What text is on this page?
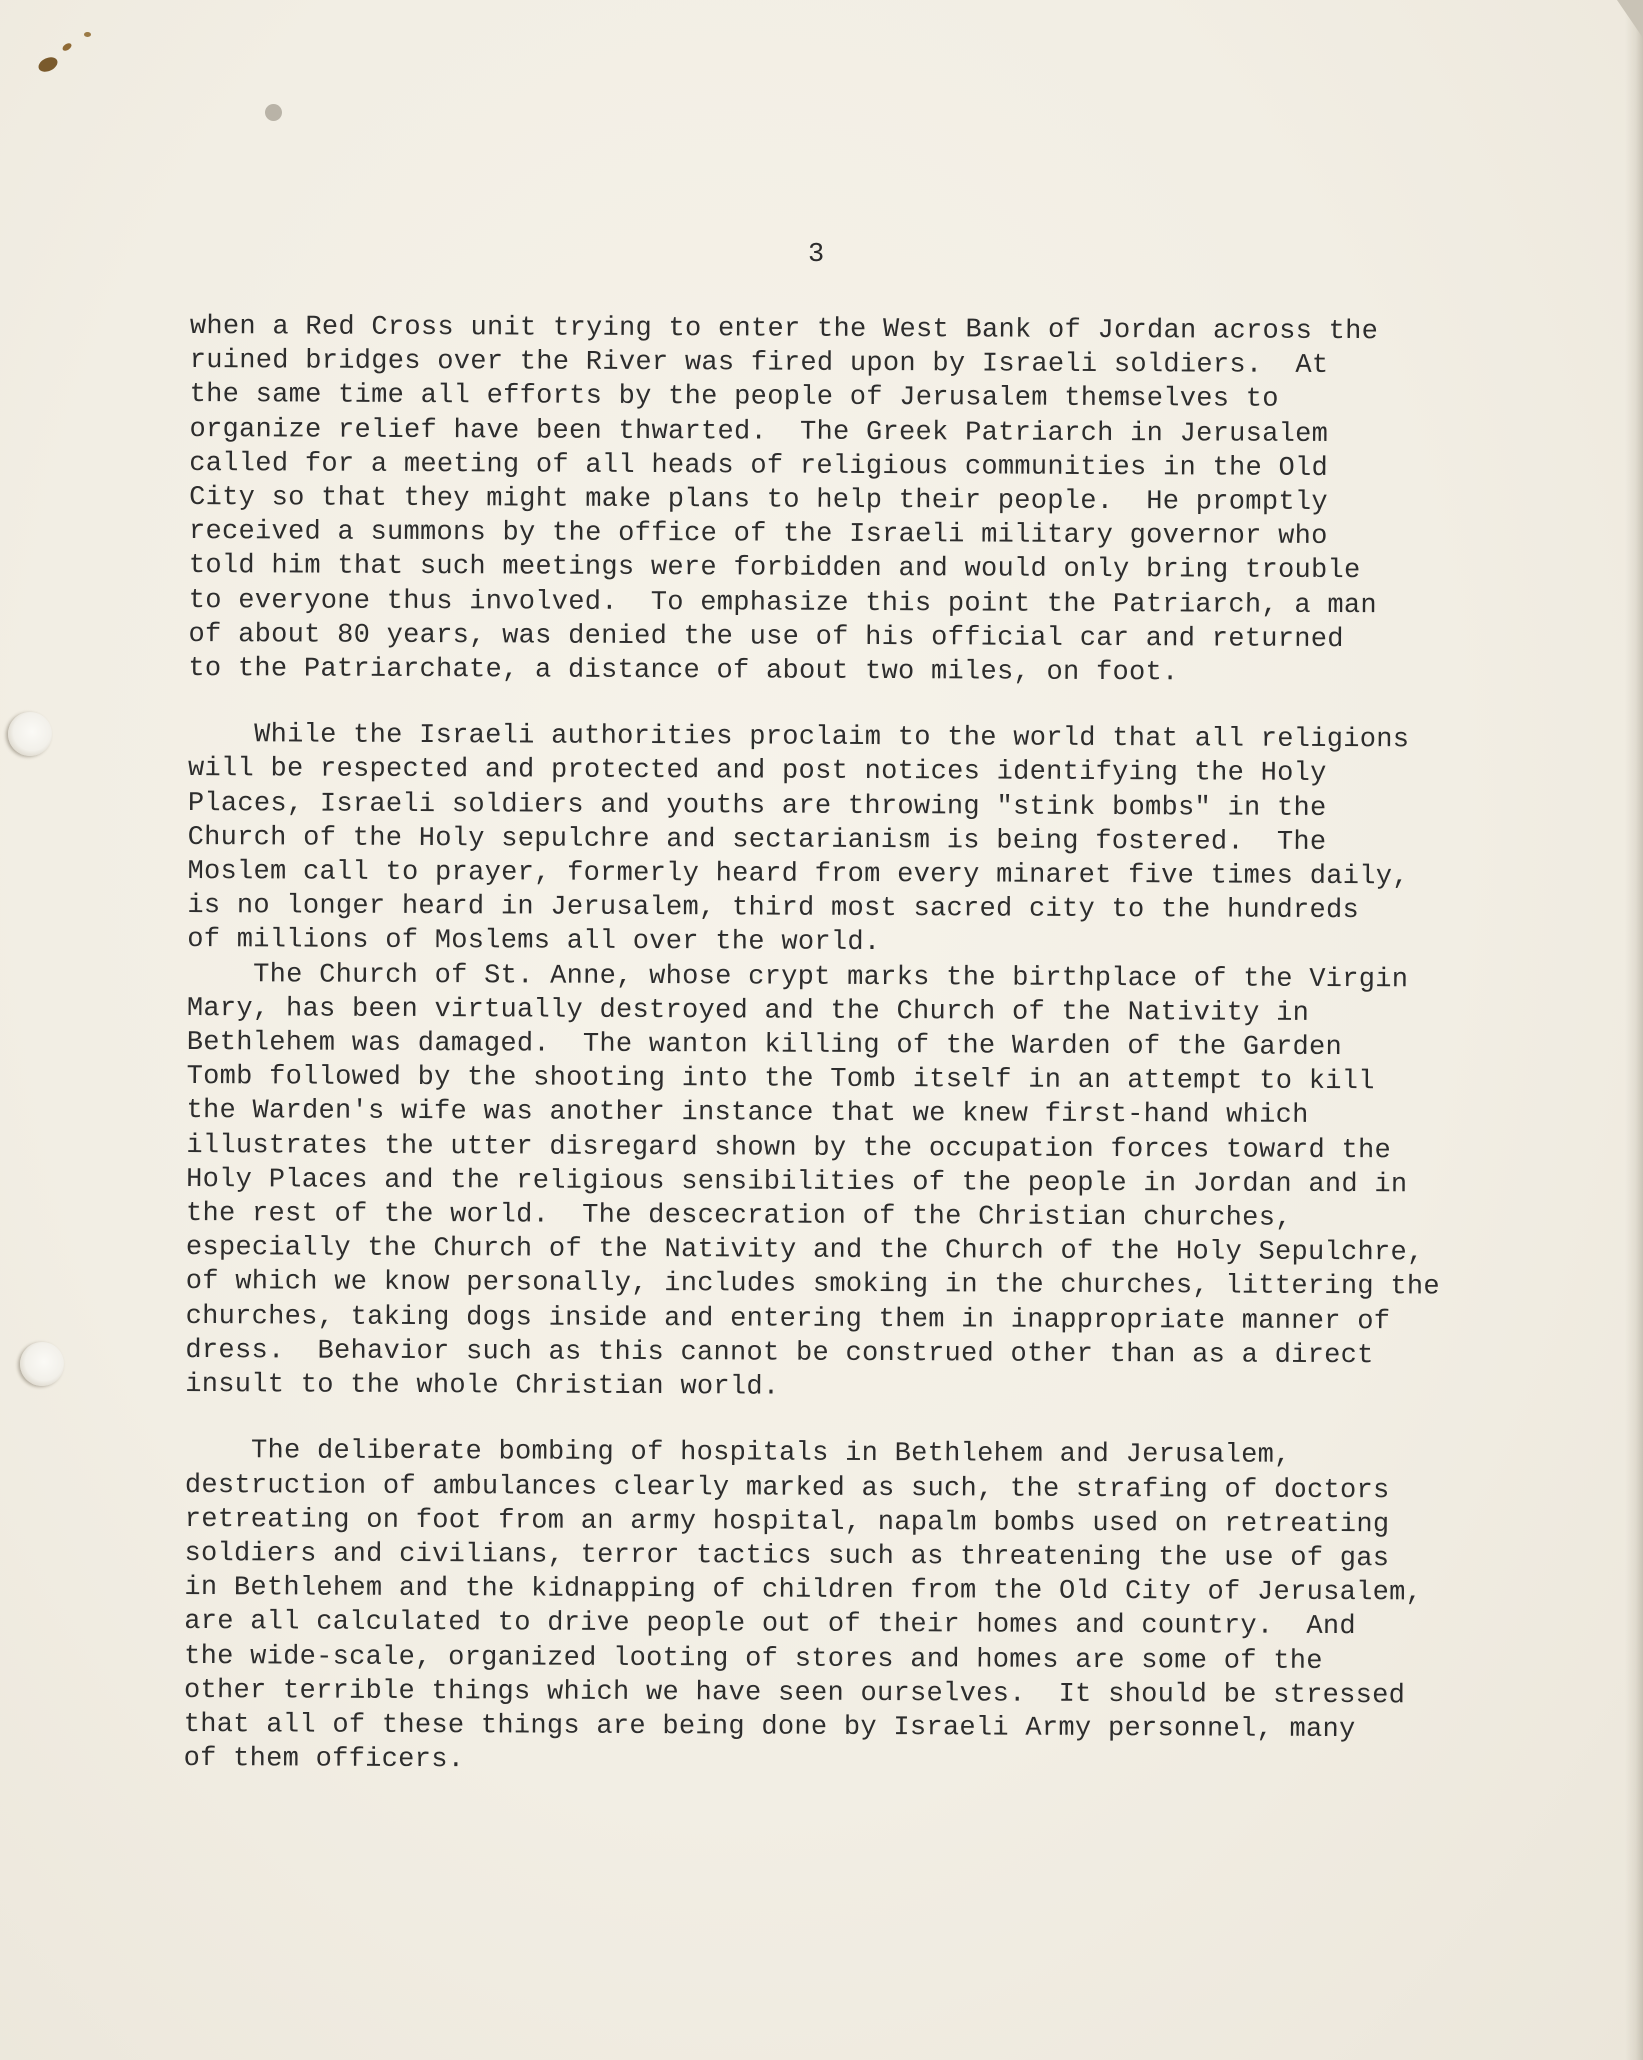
3

when a Red Cross unit trying to enter the West Bank of Jordan across the
ruined bridges over the River was fired upon by Israeli soldiers.  At
the same time all efforts by the people of Jerusalem themselves to
organize relief have been thwarted.  The Greek Patriarch in Jerusalem
called for a meeting of all heads of religious communities in the Old
City so that they might make plans to help their people.  He promptly
received a summons by the office of the Israeli military governor who
told him that such meetings were forbidden and would only bring trouble
to everyone thus involved.  To emphasize this point the Patriarch, a man
of about 80 years, was denied the use of his official car and returned
to the Patriarchate, a distance of about two miles, on foot.
While the Israeli authorities proclaim to the world that all religions
will be respected and protected and post notices identifying the Holy
Places, Israeli soldiers and youths are throwing "stink bombs" in the
Church of the Holy sepulchre and sectarianism is being fostered.  The
Moslem call to prayer, formerly heard from every minaret five times daily,
is no longer heard in Jerusalem, third most sacred city to the hundreds
of millions of Moslems all over the world.
The Church of St. Anne, whose crypt marks the birthplace of the Virgin
Mary, has been virtually destroyed and the Church of the Nativity in
Bethlehem was damaged.  The wanton killing of the Warden of the Garden
Tomb followed by the shooting into the Tomb itself in an attempt to kill
the Warden's wife was another instance that we knew first-hand which
illustrates the utter disregard shown by the occupation forces toward the
Holy Places and the religious sensibilities of the people in Jordan and in
the rest of the world.  The descecration of the Christian churches,
especially the Church of the Nativity and the Church of the Holy Sepulchre,
of which we know personally, includes smoking in the churches, littering the
churches, taking dogs inside and entering them in inappropriate manner of
dress.  Behavior such as this cannot be construed other than as a direct
insult to the whole Christian world.
The deliberate bombing of hospitals in Bethlehem and Jerusalem,
destruction of ambulances clearly marked as such, the strafing of doctors
retreating on foot from an army hospital, napalm bombs used on retreating
soldiers and civilians, terror tactics such as threatening the use of gas
in Bethlehem and the kidnapping of children from the Old City of Jerusalem,
are all calculated to drive people out of their homes and country.  And
the wide-scale, organized looting of stores and homes are some of the
other terrible things which we have seen ourselves.  It should be stressed
that all of these things are being done by Israeli Army personnel, many
of them officers.
